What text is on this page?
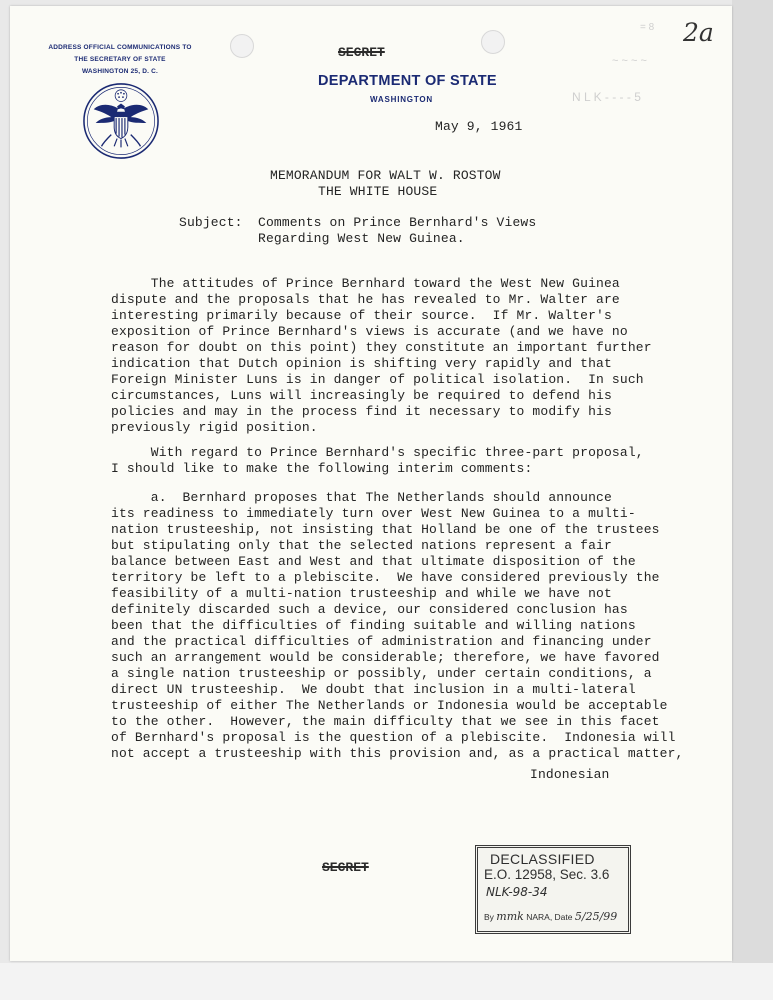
ADDRESS OFFICIAL COMMUNICATIONS TO
THE SECRETARY OF STATE
WASHINGTON 25, D. C.
SECRET
DEPARTMENT OF STATE
WASHINGTON
2a
= 8
~ ~ ~ ~
N L K - - - - 5
May 9, 1961
MEMORANDUM FOR WALT W. ROSTOW
THE WHITE HOUSE
Subject: Comments on Prince Bernhard's Views
Regarding West New Guinea.
The attitudes of Prince Bernhard toward the West New Guinea
dispute and the proposals that he has revealed to Mr. Walter are
interesting primarily because of their source.  If Mr. Walter's
exposition of Prince Bernhard's views is accurate (and we have no
reason for doubt on this point) they constitute an important further
indication that Dutch opinion is shifting very rapidly and that
Foreign Minister Luns is in danger of political isolation.  In such
circumstances, Luns will increasingly be required to defend his
policies and may in the process find it necessary to modify his
previously rigid position.
With regard to Prince Bernhard's specific three-part proposal,
I should like to make the following interim comments:
a.  Bernhard proposes that The Netherlands should announce
its readiness to immediately turn over West New Guinea to a multi-
nation trusteeship, not insisting that Holland be one of the trustees
but stipulating only that the selected nations represent a fair
balance between East and West and that ultimate disposition of the
territory be left to a plebiscite.  We have considered previously the
feasibility of a multi-nation trusteeship and while we have not
definitely discarded such a device, our considered conclusion has
been that the difficulties of finding suitable and willing nations
and the practical difficulties of administration and financing under
such an arrangement would be considerable; therefore, we have favored
a single nation trusteeship or possibly, under certain conditions, a
direct UN trusteeship.  We doubt that inclusion in a multi-lateral
trusteeship of either The Netherlands or Indonesia would be acceptable
to the other.  However, the main difficulty that we see in this facet
of Bernhard's proposal is the question of a plebiscite.  Indonesia will
not accept a trusteeship with this provision and, as a practical matter,
Indonesian
SECRET
DECLASSIFIED
E.O. 12958, Sec. 3.6
NLK-98-34
By mmk NARA, Date 5/25/99
